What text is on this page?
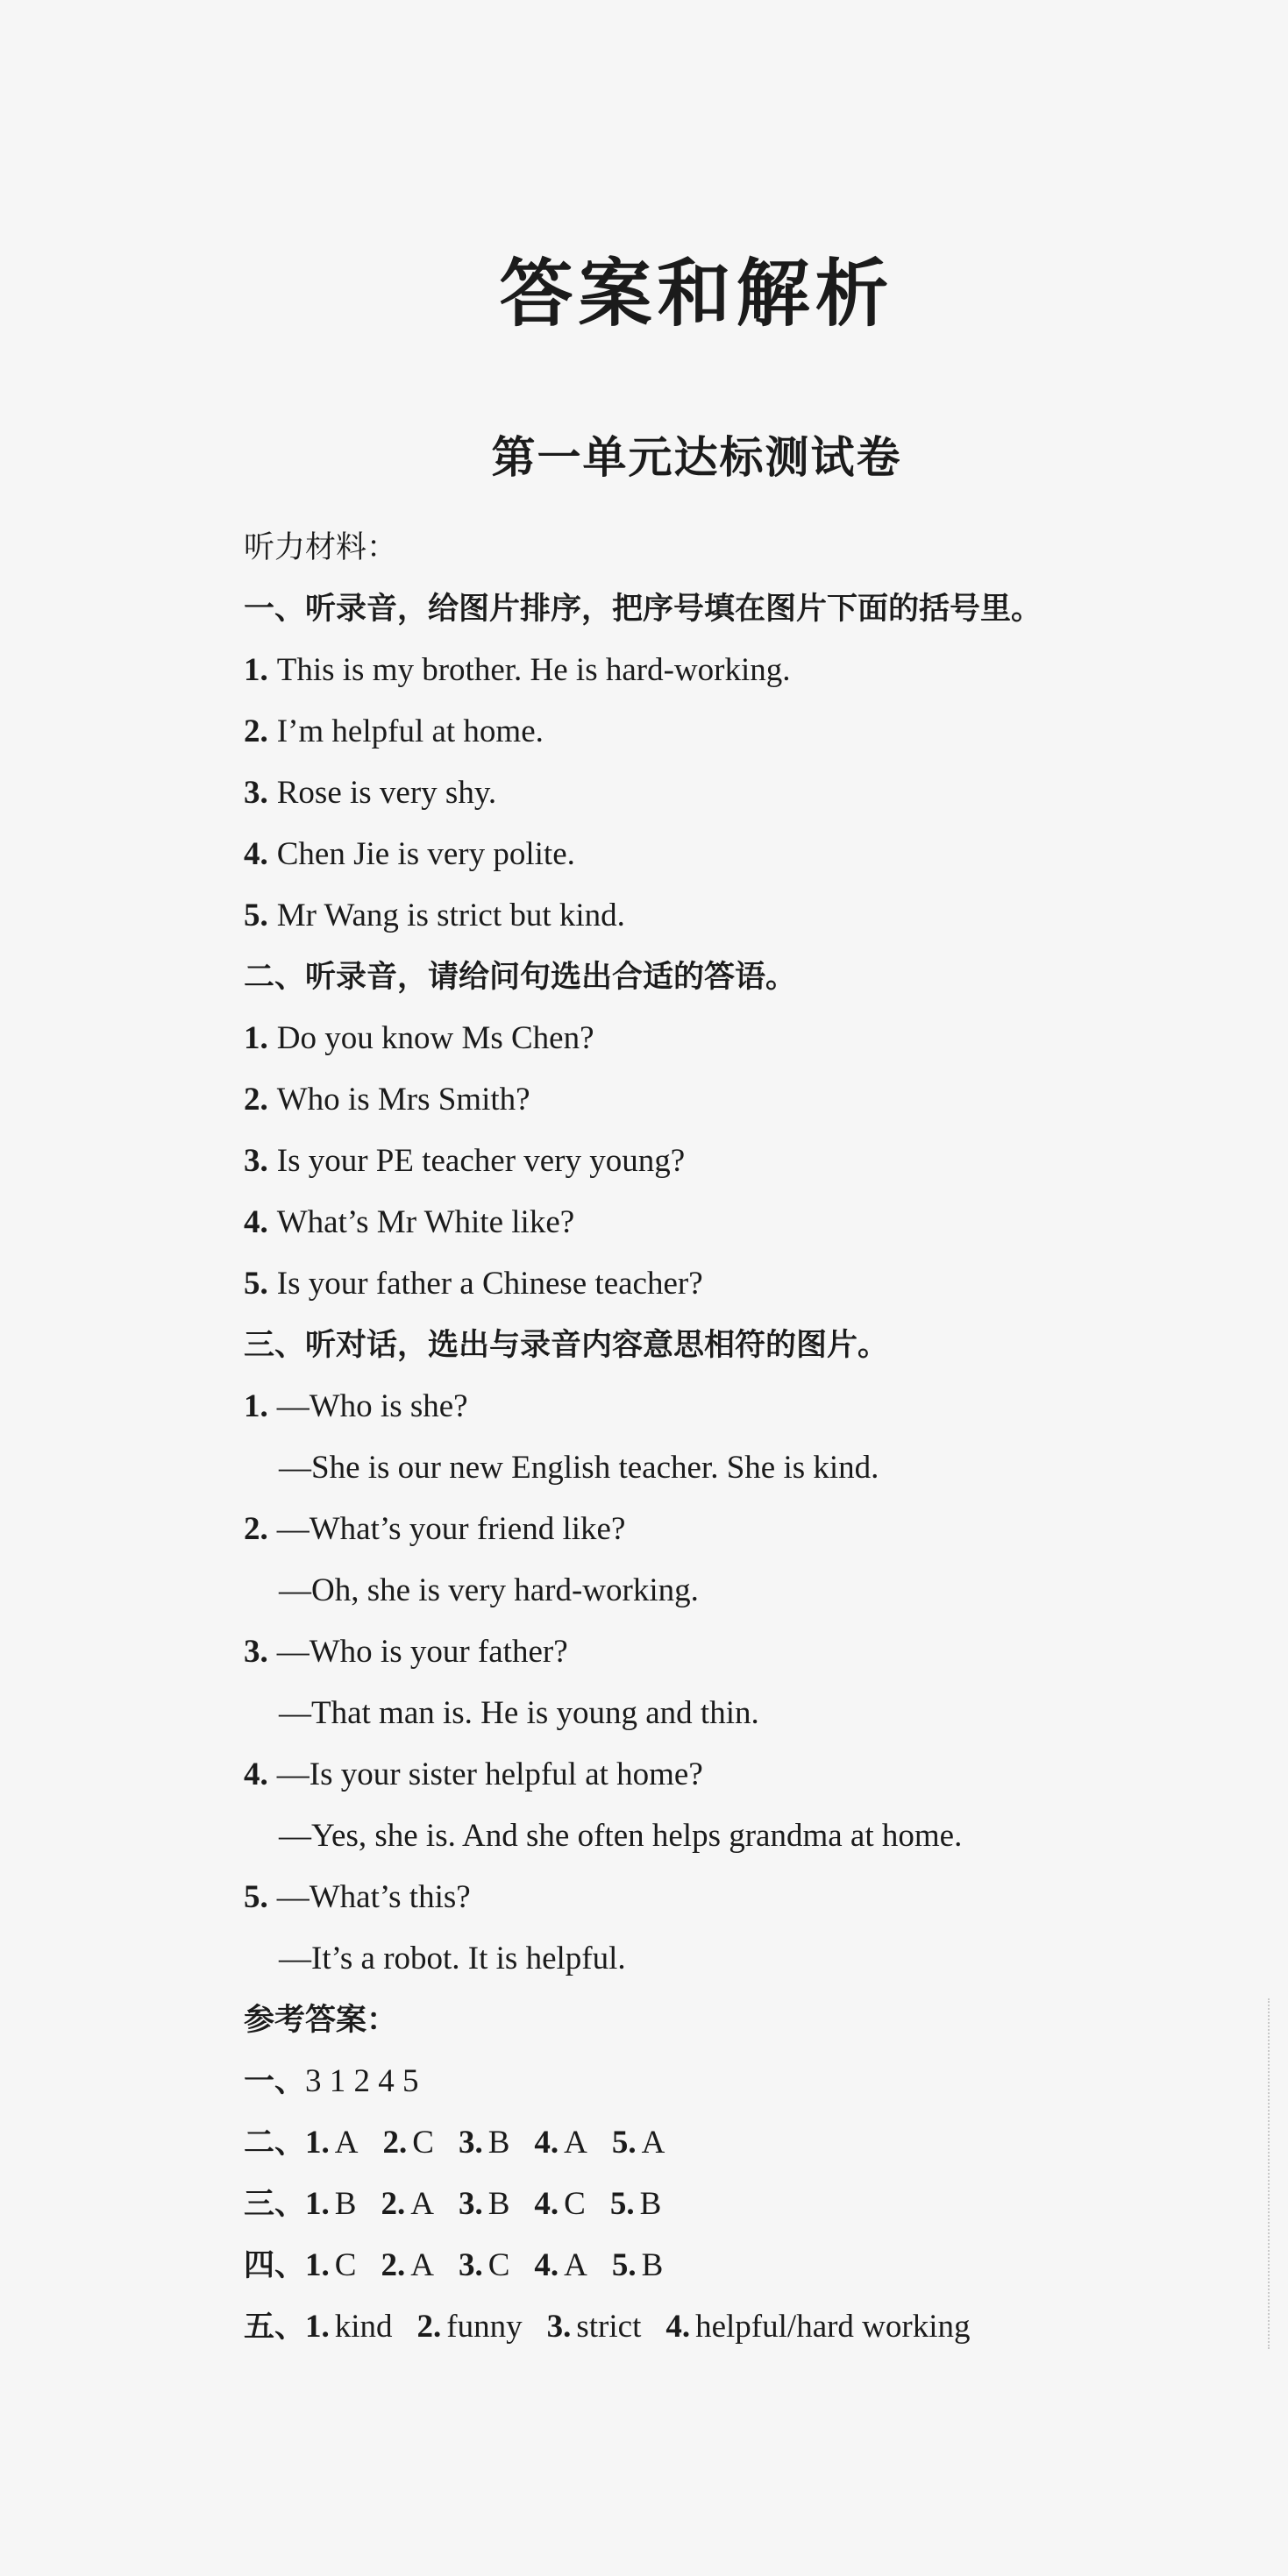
答案和解析
第一单元达标测试卷
听力材料：
一、听录音，给图片排序，把序号填在图片下面的括号里。
1. This is my brother. He is hard-working.
2. I’m helpful at home.
3. Rose is very shy.
4. Chen Jie is very polite.
5. Mr Wang is strict but kind.
二、听录音，请给问句选出合适的答语。
1. Do you know Ms Chen?
2. Who is Mrs Smith?
3. Is your PE teacher very young?
4. What’s Mr White like?
5. Is your father a Chinese teacher?
三、听对话，选出与录音内容意思相符的图片。
1. —Who is she?
—She is our new English teacher. She is kind.
2. —What’s your friend like?
—Oh, she is very hard-working.
3. —Who is your father?
—That man is. He is young and thin.
4. —Is your sister helpful at home?
—Yes, she is. And she often helps grandma at home.
5. —What’s this?
—It’s a robot. It is helpful.
参考答案：
一、3 1 2 4 5
二、1. A 2. C 3. B 4. A 5. A
三、1. B 2. A 3. B 4. C 5. B
四、1. C 2. A 3. C 4. A 5. B
五、1. kind 2. funny 3. strict 4. helpful/hard working
